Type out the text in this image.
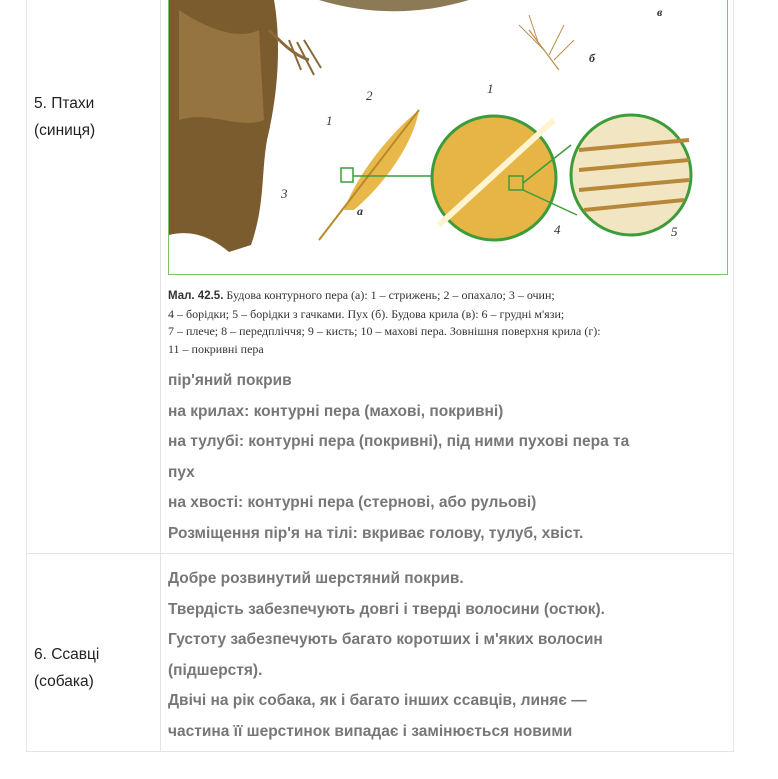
5. Птахи
(синиця)
в
б
2
1
3
а
1
4	5
Мал. 42.5. Будова контурного пера (а): 1 – стрижень; 2 – опахало; 3 – очин;
4 – борідки; 5 – борідки з гачками. Пух (б). Будова крила (в): 6 – грудні м'язи;
7 – плече; 8 – передпліччя; 9 – кисть; 10 – махові пера. Зовнішня поверхня крила (г):
11 – покривні пера
пір'яний покрив
на крилах: контурні пера (махові, покривні)
на тулубі: контурні пера (покривні), під ними пухові пера та
пух
на хвості: контурні пера (стернові, або рульові)
Розміщення пір'я на тілі: вкриває голову, тулуб, хвіст.
6. Ссавці
(собака)
Добре розвинутий шерстяний покрив.
Твердість забезпечують довгі і тверді волосини (остюк).
Густоту забезпечують багато коротших і м'яких волосин
(підшерстя).
Двічі на рік собака, як і багато інших ссавців, линяє —
частина її шерстинок випадає і замінюється новими
